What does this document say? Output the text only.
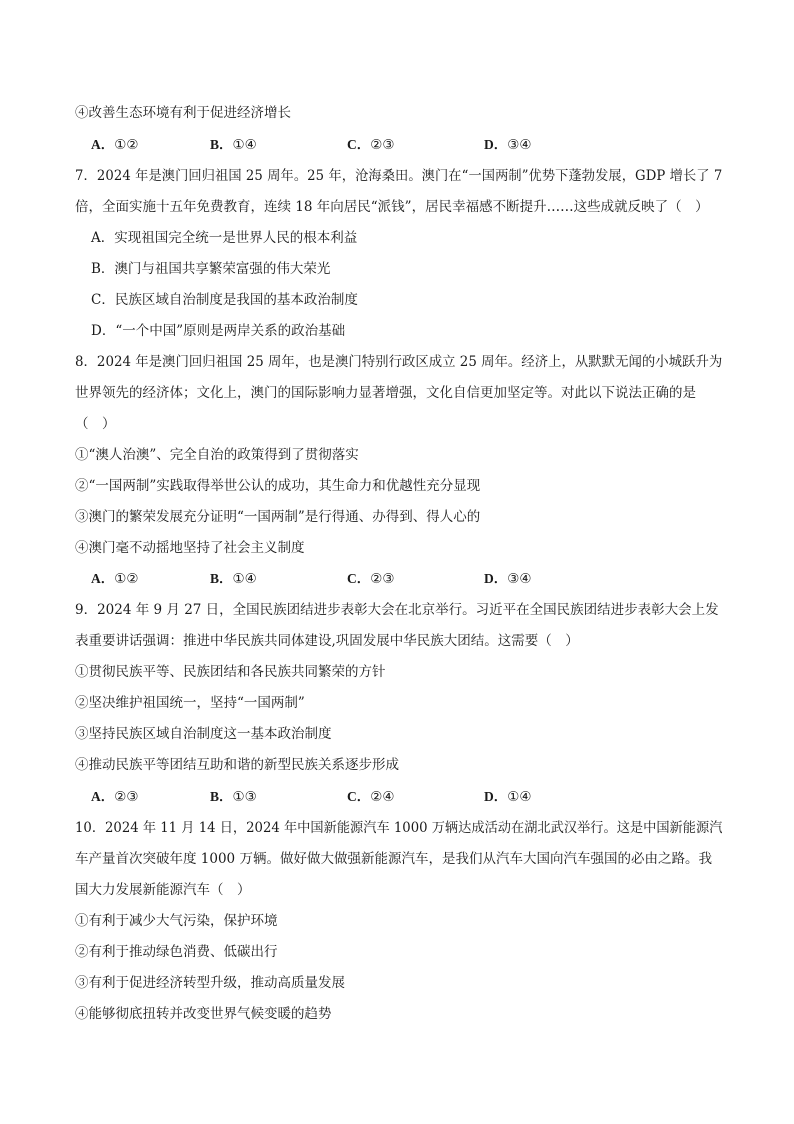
④改善生态环境有利于促进经济增长
A．①②	B．①④	C．②③	D．③④
7．2024 年是澳门回归祖国 25 周年。25 年，沧海桑田。澳门在“一国两制”优势下蓬勃发展，GDP 增长了 7
倍，全面实施十五年免费教育，连续 18 年向居民“派钱”，居民幸福感不断提升……这些成就反映了（　）
A．实现祖国完全统一是世界人民的根本利益
B．澳门与祖国共享繁荣富强的伟大荣光
C．民族区域自治制度是我国的基本政治制度
D．“一个中国”原则是两岸关系的政治基础
8．2024 年是澳门回归祖国 25 周年，也是澳门特别行政区成立 25 周年。经济上，从默默无闻的小城跃升为
世界领先的经济体；文化上，澳门的国际影响力显著增强，文化自信更加坚定等。对此以下说法正确的是
（　）
①“澳人治澳”、完全自治的政策得到了贯彻落实
②“一国两制”实践取得举世公认的成功，其生命力和优越性充分显现
③澳门的繁荣发展充分证明“一国两制”是行得通、办得到、得人心的
④澳门毫不动摇地坚持了社会主义制度
A．①②	B．①④	C．②③	D．③④
9．2024 年 9 月 27 日，全国民族团结进步表彰大会在北京举行。习近平在全国民族团结进步表彰大会上发
表重要讲话强调：推进中华民族共同体建设,巩固发展中华民族大团结。这需要（　）
①贯彻民族平等、民族团结和各民族共同繁荣的方针
②坚决维护祖国统一，坚持“一国两制”
③坚持民族区域自治制度这一基本政治制度
④推动民族平等团结互助和谐的新型民族关系逐步形成
A．②③	B．①③	C．②④	D．①④
10．2024 年 11 月 14 日，2024 年中国新能源汽车 1000 万辆达成活动在湖北武汉举行。这是中国新能源汽
车产量首次突破年度 1000 万辆。做好做大做强新能源汽车，是我们从汽车大国向汽车强国的必由之路。我
国大力发展新能源汽车（　）
①有利于减少大气污染，保护环境
②有利于推动绿色消费、低碳出行
③有利于促进经济转型升级，推动高质量发展
④能够彻底扭转并改变世界气候变暖的趋势
